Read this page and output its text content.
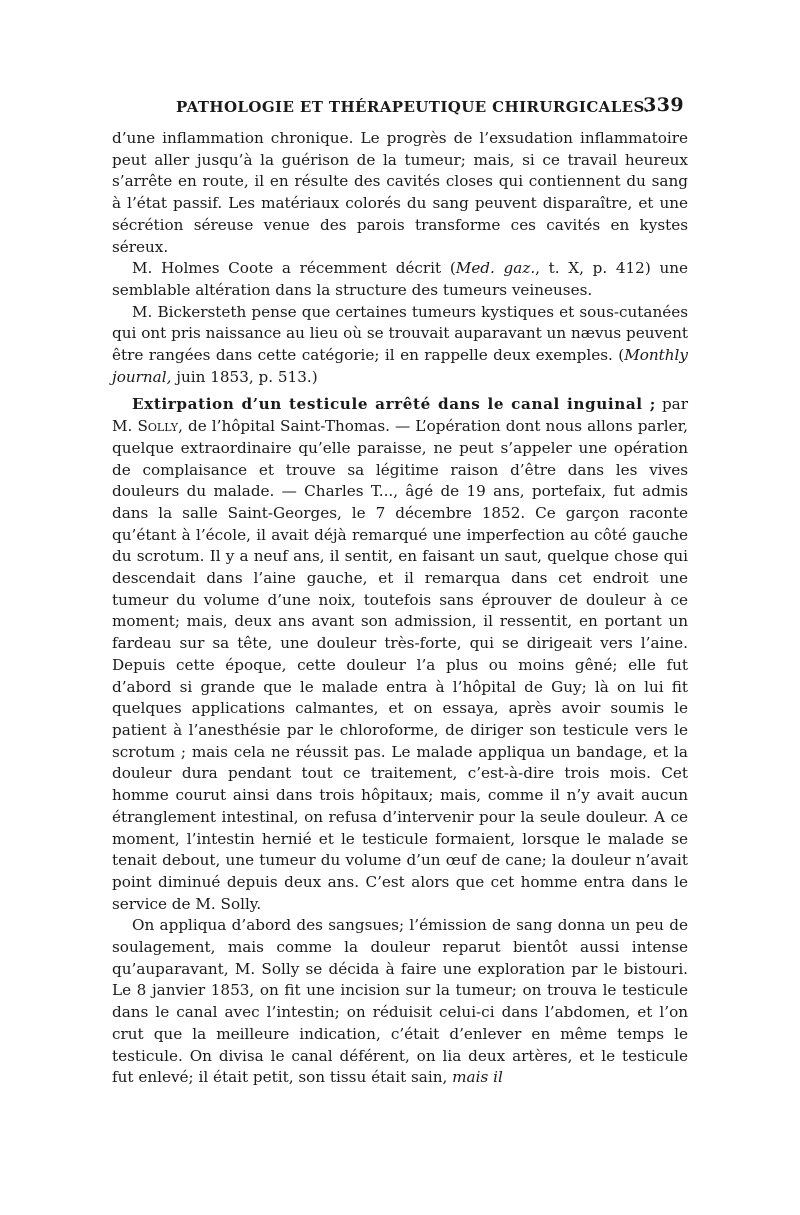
PATHOLOGIE ET THÉRAPEUTIQUE CHIRURGICALES.
339

d’une inflammation chronique. Le progrès de l’exsudation inflammatoire peut aller jusqu’à la guérison de la tumeur; mais, si ce travail heureux s’arrête en route, il en résulte des cavités closes qui contiennent du sang à l’état passif. Les matériaux colorés du sang peuvent disparaître, et une sécrétion séreuse venue des parois transforme ces cavités en kystes séreux.

M. Holmes Coote a récemment décrit (Med. gaz., t. X, p. 412) une semblable altération dans la structure des tumeurs veineuses.

M. Bickersteth pense que certaines tumeurs kystiques et sous-cutanées qui ont pris naissance au lieu où se trouvait auparavant un nævus peuvent être rangées dans cette catégorie; il en rappelle deux exemples. (Monthly journal, juin 1853, p. 513.)

Extirpation d’un testicule arrêté dans le canal inguinal ; par M. Solly, de l’hôpital Saint-Thomas. — L’opération dont nous allons parler, quelque extraordinaire qu’elle paraisse, ne peut s’appeler une opération de complaisance et trouve sa légitime raison d’être dans les vives douleurs du malade. — Charles T..., âgé de 19 ans, portefaix, fut admis dans la salle Saint-Georges, le 7 décembre 1852. Ce garçon raconte qu’étant à l’école, il avait déjà remarqué une imperfection au côté gauche du scrotum. Il y a neuf ans, il sentit, en faisant un saut, quelque chose qui descendait dans l’aine gauche, et il remarqua dans cet endroit une tumeur du volume d’une noix, toutefois sans éprouver de douleur à ce moment; mais, deux ans avant son admission, il ressentit, en portant un fardeau sur sa tête, une douleur très-forte, qui se dirigeait vers l’aine. Depuis cette époque, cette douleur l’a plus ou moins gêné; elle fut d’abord si grande que le malade entra à l’hôpital de Guy; là on lui fit quelques applications calmantes, et on essaya, après avoir soumis le patient à l’anesthésie par le chloroforme, de diriger son testicule vers le scrotum ; mais cela ne réussit pas. Le malade appliqua un bandage, et la douleur dura pendant tout ce traitement, c’est-à-dire trois mois. Cet homme courut ainsi dans trois hôpitaux; mais, comme il n’y avait aucun étranglement intestinal, on refusa d’intervenir pour la seule douleur. A ce moment, l’intestin hernié et le testicule formaient, lorsque le malade se tenait debout, une tumeur du volume d’un œuf de cane; la douleur n’avait point diminué depuis deux ans. C’est alors que cet homme entra dans le service de M. Solly.

On appliqua d’abord des sangsues; l’émission de sang donna un peu de soulagement, mais comme la douleur reparut bientôt aussi intense qu’auparavant, M. Solly se décida à faire une exploration par le bistouri. Le 8 janvier 1853, on fit une incision sur la tumeur; on trouva le testicule dans le canal avec l’intestin; on réduisit celui-ci dans l’abdomen, et l’on crut que la meilleure indication, c’était d’enlever en même temps le testicule. On divisa le canal déférent, on lia deux artères, et le testicule fut enlevé; il était petit, son tissu était sain, mais il
